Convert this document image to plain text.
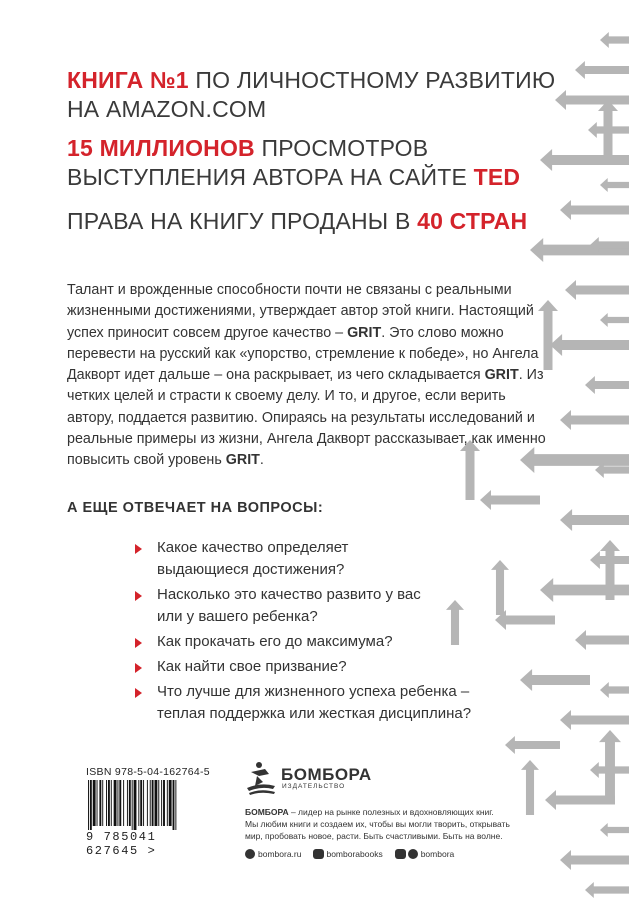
КНИГА №1 ПО ЛИЧНОСТНОМУ РАЗВИТИЮ
НА AMAZON.COM
15 МИЛЛИОНОВ ПРОСМОТРОВ
ВЫСТУПЛЕНИЯ АВТОРА НА САЙТЕ TED
ПРАВА НА КНИГУ ПРОДАНЫ В 40 СТРАН
Талант и врожденные способности почти не связаны с реальными жизненными достижениями, утверждает автор этой книги. Настоящий успех приносит совсем другое качество – GRIT. Это слово можно перевести на русский как «упорство, стремление к победе», но Ангела Дакворт идет дальше – она раскрывает, из чего складывается GRIT. Из четких целей и страсти к своему делу. И то, и другое, если верить автору, поддается развитию. Опираясь на результаты исследований и реальные примеры из жизни, Ангела Дакворт рассказывает, как именно повысить свой уровень GRIT.
А ЕЩЕ ОТВЕЧАЕТ НА ВОПРОСЫ:
Какое качество определяет
выдающиеся достижения?
Насколько это качество развито у вас
или у вашего ребенка?
Как прокачать его до максимума?
Как найти свое призвание?
Что лучше для жизненного успеха ребенка –
теплая поддержка или жесткая дисциплина?
ISBN 978-5-04-162764-5
9 785041 627645 >
БОМБОРА
ИЗДАТЕЛЬСТВО
БОМБОРА – лидер на рынке полезных и вдохновляющих книг.
Мы любим книги и создаем их, чтобы вы могли творить, открывать
мир, пробовать новое, расти. Быть счастливыми. Быть на волне.
bombora.ru	bomborabooks	bombora
